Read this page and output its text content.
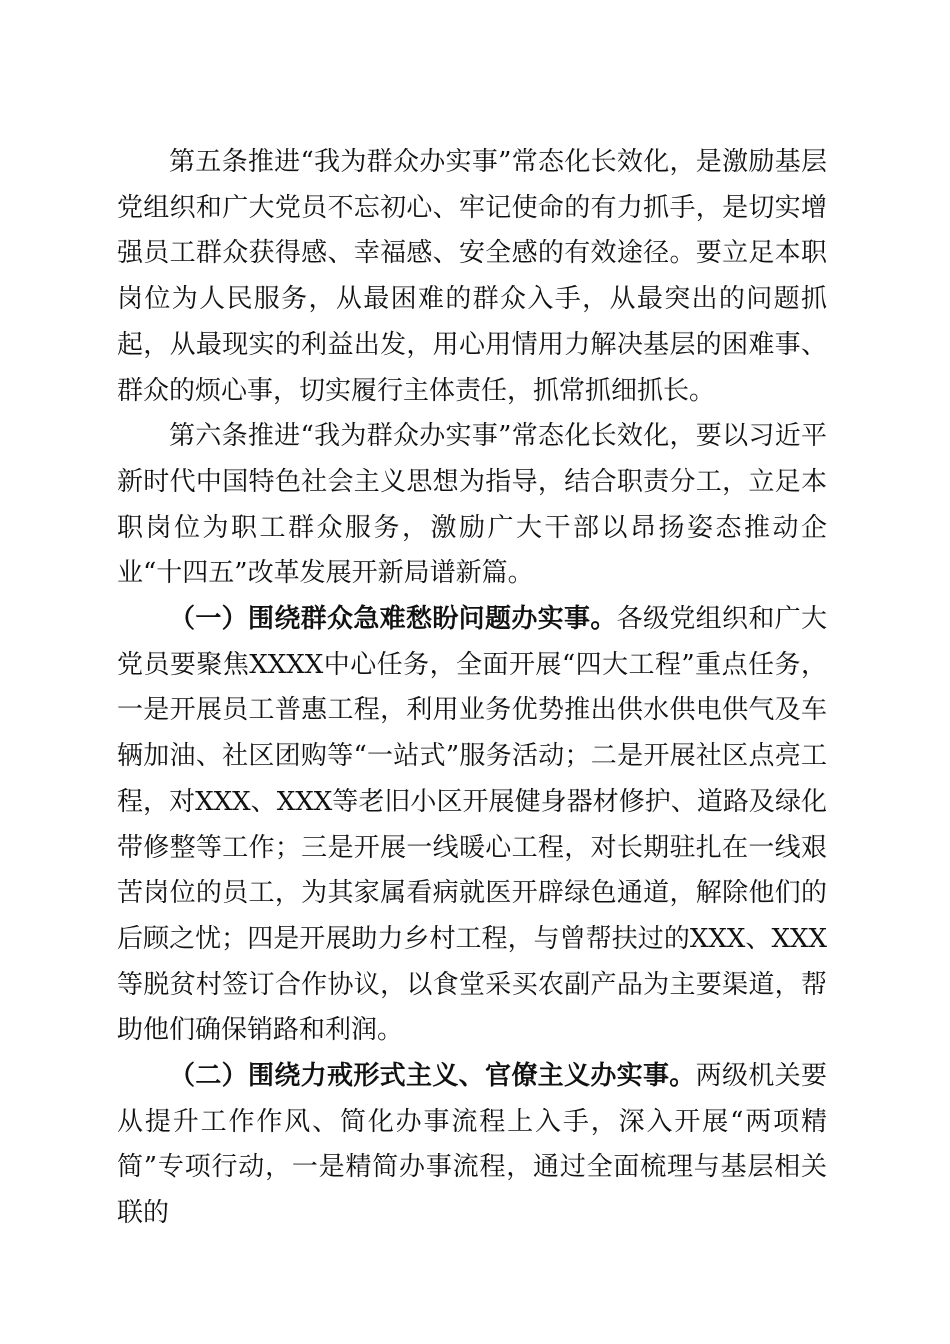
第五条推进“我为群众办实事”常态化长效化，是激励基层党组织和广大党员不忘初心、牢记使命的有力抓手，是切实增强员工群众获得感、幸福感、安全感的有效途径。要立足本职岗位为人民服务，从最困难的群众入手，从最突出的问题抓起，从最现实的利益出发，用心用情用力解决基层的困难事、群众的烦心事，切实履行主体责任，抓常抓细抓长。

第六条推进“我为群众办实事”常态化长效化，要以习近平新时代中国特色社会主义思想为指导，结合职责分工，立足本职岗位为职工群众服务，激励广大干部以昂扬姿态推动企业“十四五”改革发展开新局谱新篇。

（一）围绕群众急难愁盼问题办实事。各级党组织和广大党员要聚焦XXXX中心任务，全面开展“四大工程”重点任务，一是开展员工普惠工程，利用业务优势推出供水供电供气及车辆加油、社区团购等“一站式”服务活动；二是开展社区点亮工程，对XXX、XXX等老旧小区开展健身器材修护、道路及绿化带修整等工作；三是开展一线暖心工程，对长期驻扎在一线艰苦岗位的员工，为其家属看病就医开辟绿色通道，解除他们的后顾之忧；四是开展助力乡村工程，与曾帮扶过的XXX、XXX等脱贫村签订合作协议，以食堂采买农副产品为主要渠道，帮助他们确保销路和利润。

（二）围绕力戒形式主义、官僚主义办实事。两级机关要从提升工作作风、简化办事流程上入手，深入开展“两项精简”专项行动，一是精简办事流程，通过全面梳理与基层相关联的
